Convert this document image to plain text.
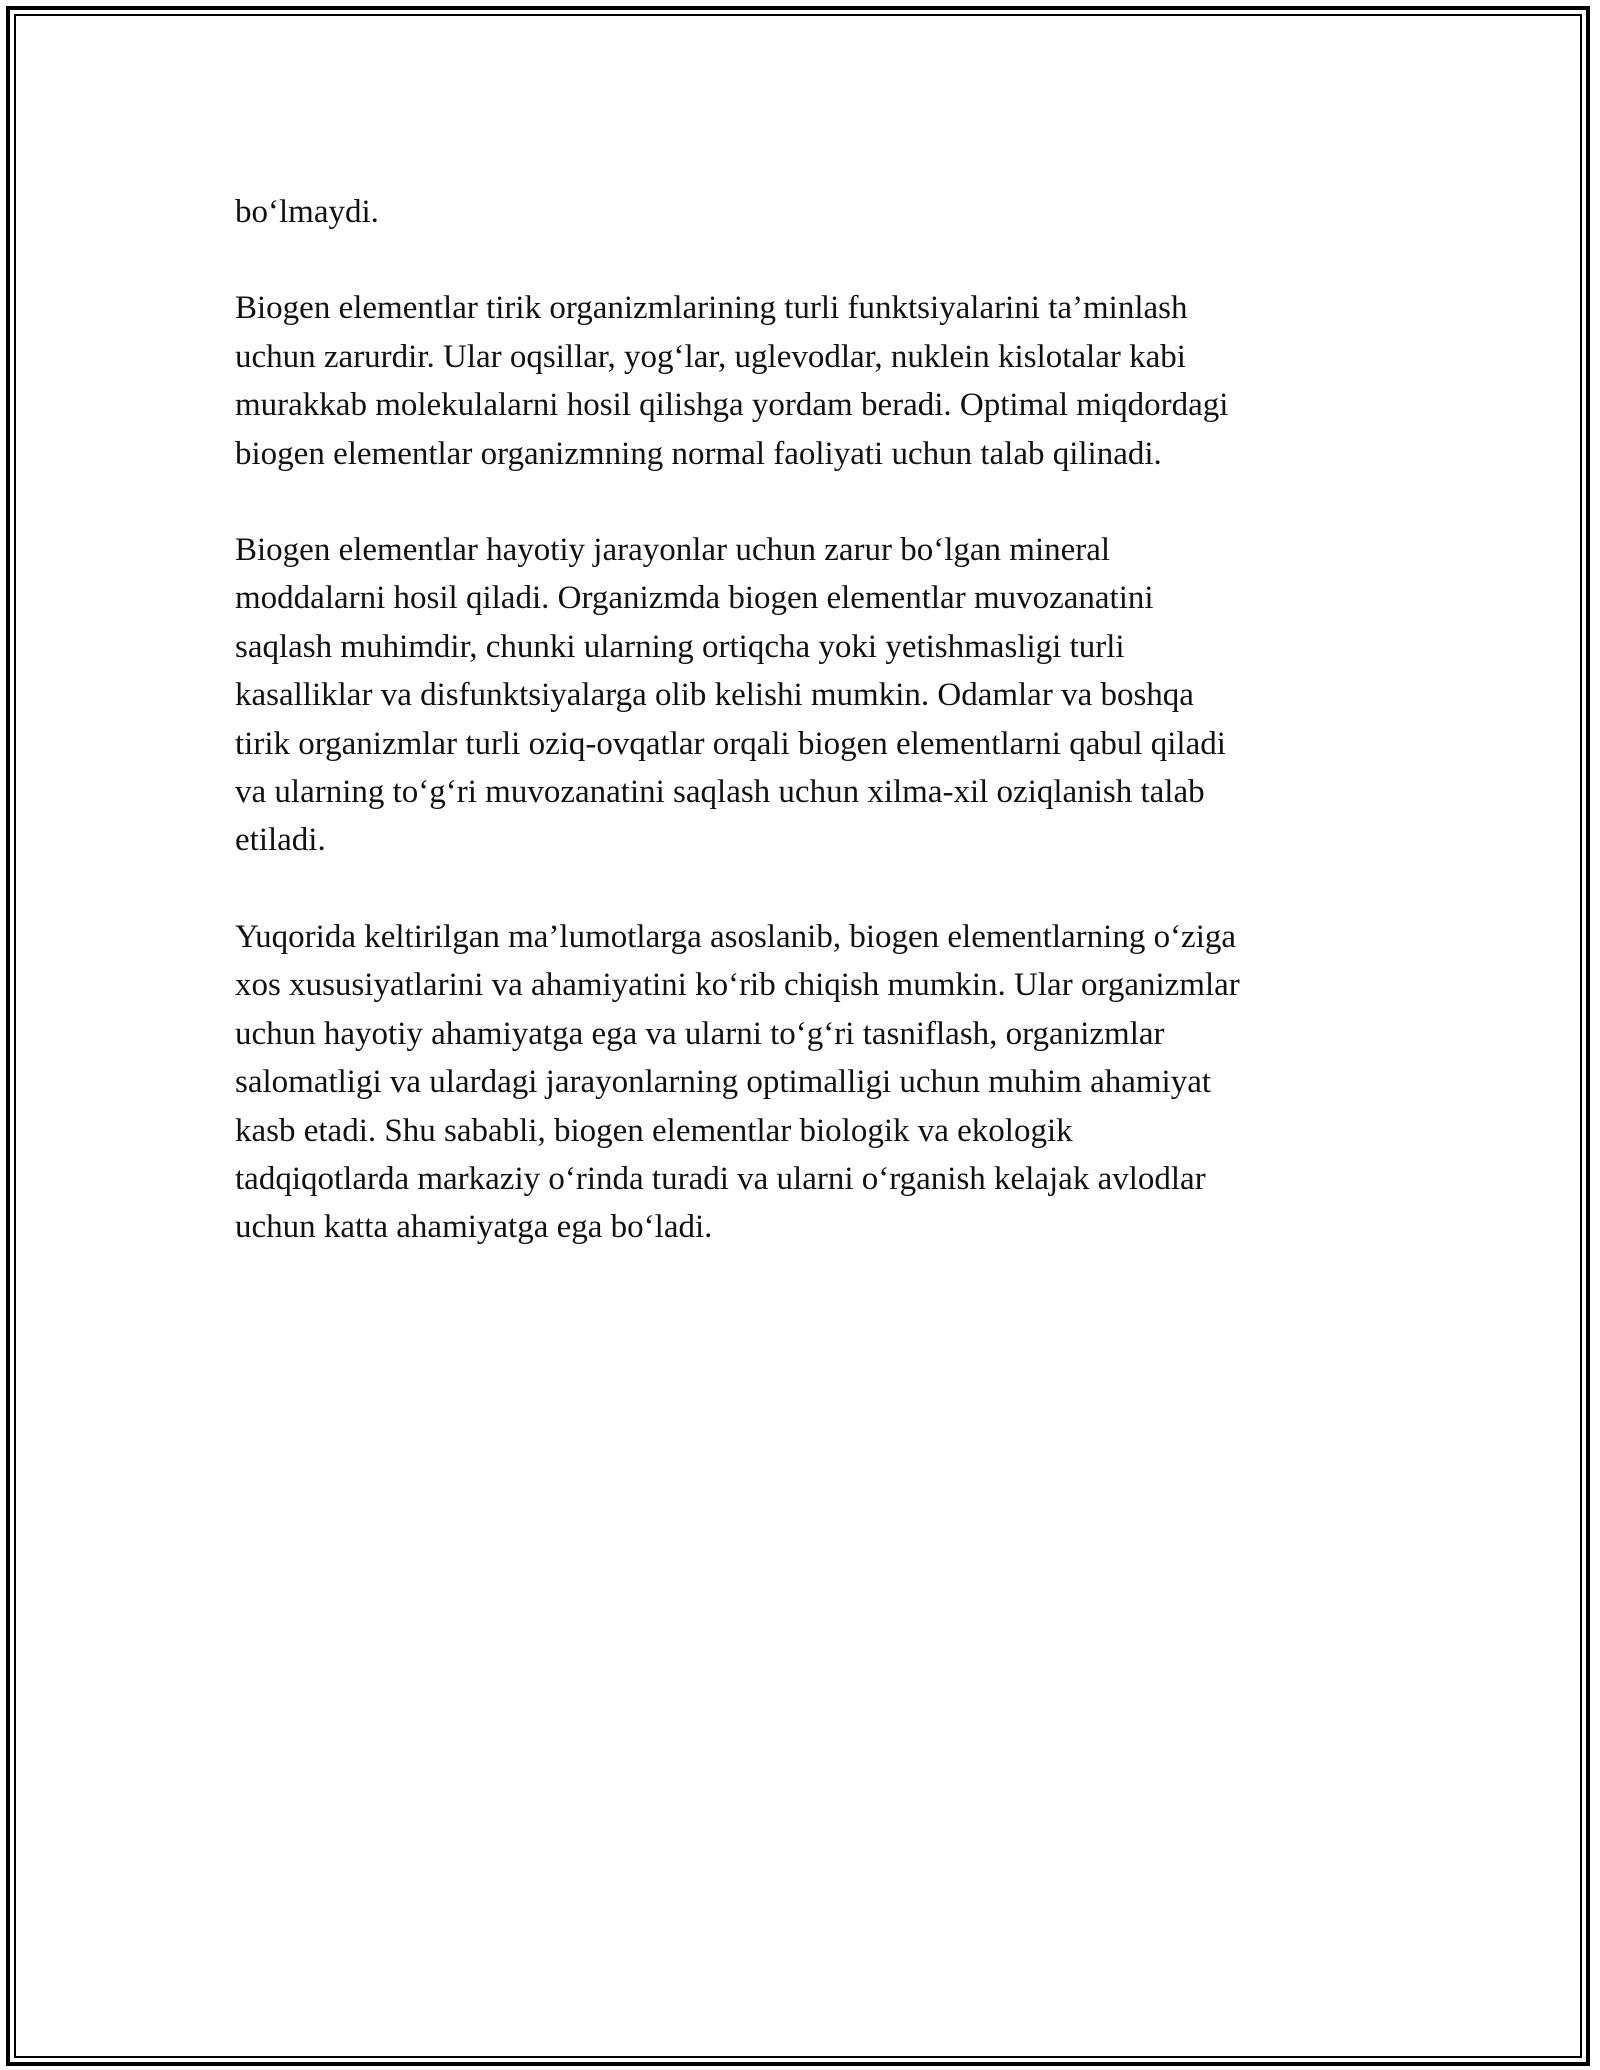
bo‘lmaydi.

Biogen elementlar tirik organizmlarining turli funktsiyalarini ta’minlash
uchun zarurdir. Ular oqsillar, yog‘lar, uglevodlar, nuklein kislotalar kabi
murakkab molekulalarni hosil qilishga yordam beradi. Optimal miqdordagi
biogen elementlar organizmning normal faoliyati uchun talab qilinadi.

Biogen elementlar hayotiy jarayonlar uchun zarur bo‘lgan mineral
moddalarni hosil qiladi. Organizmda biogen elementlar muvozanatini
saqlash muhimdir, chunki ularning ortiqcha yoki yetishmasligi turli
kasalliklar va disfunktsiyalarga olib kelishi mumkin. Odamlar va boshqa
tirik organizmlar turli oziq-ovqatlar orqali biogen elementlarni qabul qiladi
va ularning to‘g‘ri muvozanatini saqlash uchun xilma-xil oziqlanish talab
etiladi.

Yuqorida keltirilgan ma’lumotlarga asoslanib, biogen elementlarning o‘ziga
xos xususiyatlarini va ahamiyatini ko‘rib chiqish mumkin. Ular organizmlar
uchun hayotiy ahamiyatga ega va ularni to‘g‘ri tasniflash, organizmlar
salomatligi va ulardagi jarayonlarning optimalligi uchun muhim ahamiyat
kasb etadi. Shu sababli, biogen elementlar biologik va ekologik
tadqiqotlarda markaziy o‘rinda turadi va ularni o‘rganish kelajak avlodlar
uchun katta ahamiyatga ega bo‘ladi.
